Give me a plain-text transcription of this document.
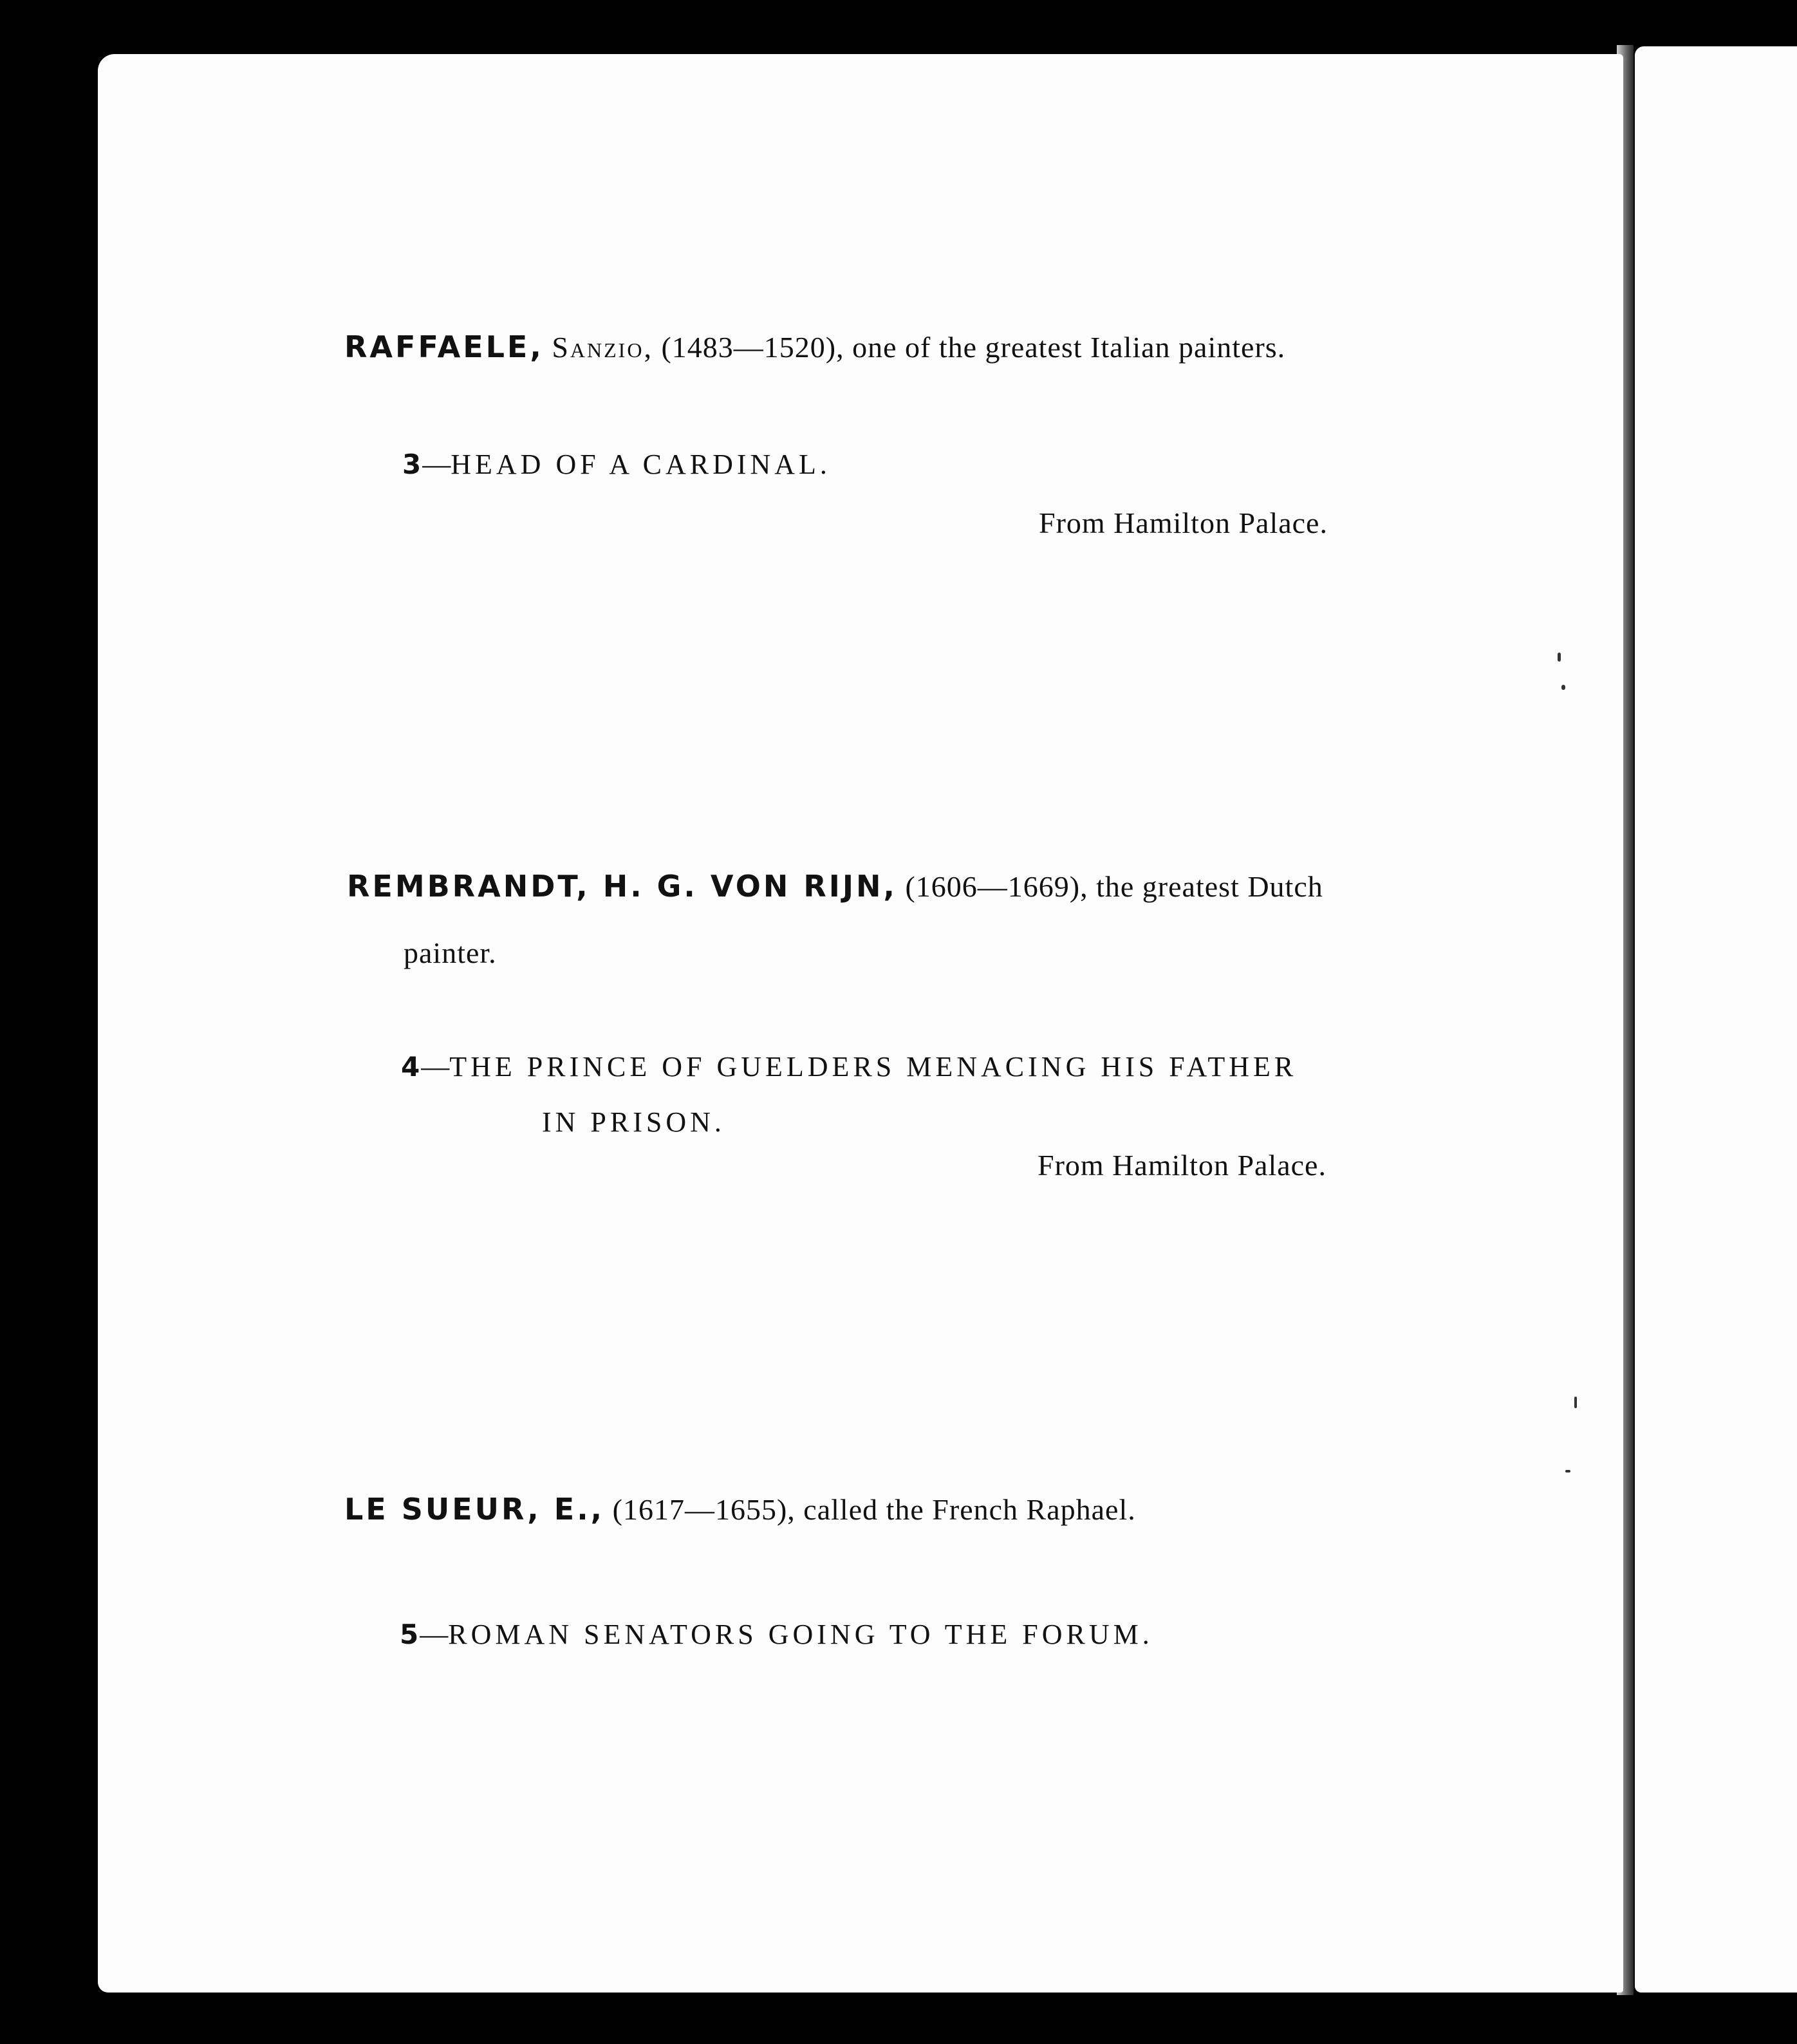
RAFFAELE, Sanzio, (1483—1520), one of the greatest Italian painters.
3—HEAD OF A CARDINAL.
From Hamilton Palace.
REMBRANDT, H. G. VON RIJN, (1606—1669), the greatest Dutch
painter.
4—THE PRINCE OF GUELDERS MENACING HIS FATHER
IN PRISON.
From Hamilton Palace.
LE SUEUR, E., (1617—1655), called the French Raphael.
5—ROMAN SENATORS GOING TO THE FORUM.
